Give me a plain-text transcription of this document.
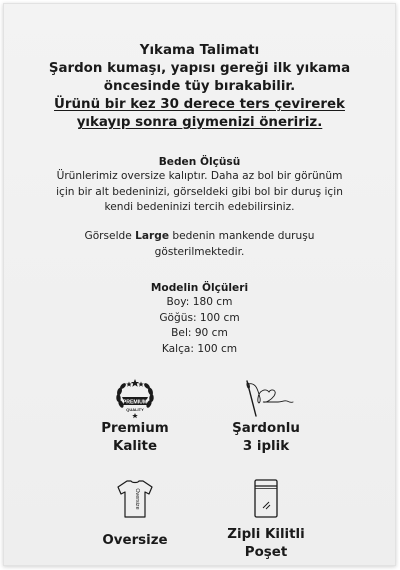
Yıkama Talimatı
Şardon kumaşı, yapısı gereği ilk yıkama
öncesinde tüy bırakabilir.
Ürünü bir kez 30 derece ters çevirerek
yıkayıp sonra giymenizi öneririz.
Beden Ölçüsü
Ürünlerimiz oversize kalıptır. Daha az bol bir görünüm
için bir alt bedeninizi, görseldeki gibi bol bir duruş için
kendi bedeninizi tercih edebilirsiniz.
Görselde Large bedenin mankende duruşu
gösterilmektedir.
Modelin Ölçüleri
Boy: 180 cm
Göğüs: 100 cm
Bel: 90 cm
Kalça: 100 cm
PREMIUM
QUALITY
Premium
Kalite
Şardonlu
3 iplik
Oversize
Oversize	Zipli Kilitli
Poşet
